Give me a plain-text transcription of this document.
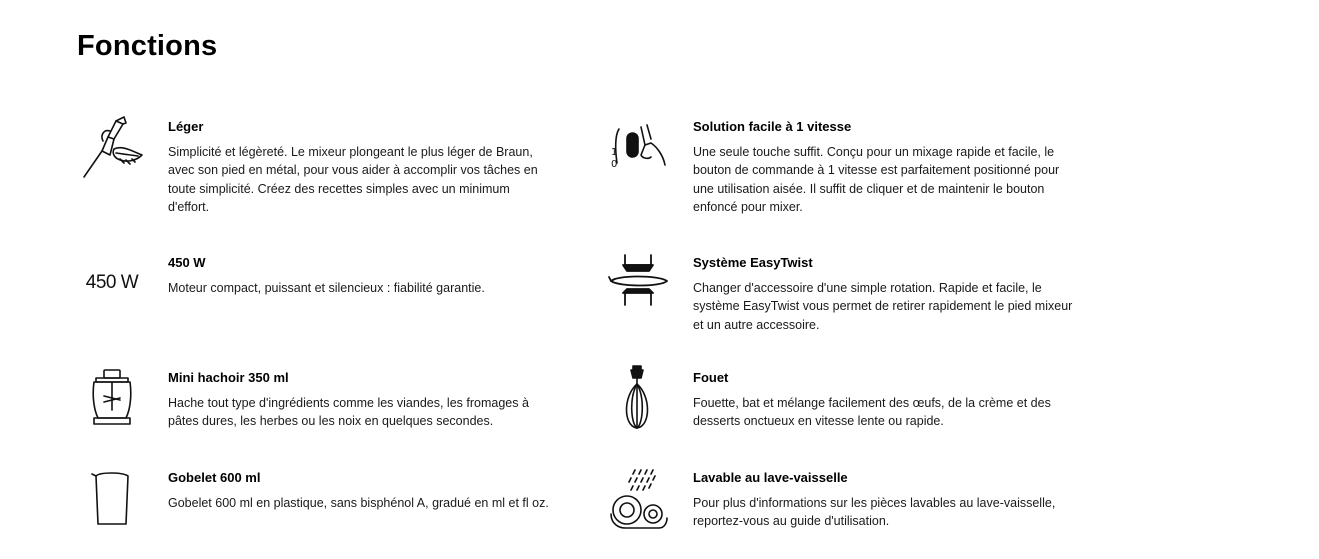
Fonctions
Léger

Simplicité et légèreté. Le mixeur plongeant le plus léger de Braun, avec son pied en métal, pour vous aider à accomplir vos tâches en toute simplicité. Créez des recettes simples avec un minimum d'effort.

1
0
Solution facile à 1 vitesse

Une seule touche suffit. Conçu pour un mixage rapide et facile, le bouton de commande à 1 vitesse est parfaitement positionné pour une utilisation aisée. Il suffit de cliquer et de maintenir le bouton enfoncé pour mixer.

450 W
450 W

Moteur compact, puissant et silencieux : fiabilité garantie.

Système EasyTwist

Changer d'accessoire d'une simple rotation. Rapide et facile, le système EasyTwist vous permet de retirer rapidement le pied mixeur et un autre accessoire.

Mini hachoir 350 ml

Hache tout type d'ingrédients comme les viandes, les fromages à pâtes dures, les herbes ou les noix en quelques secondes.

Fouet

Fouette, bat et mélange facilement des œufs, de la crème et des desserts onctueux en vitesse lente ou rapide.

Gobelet 600 ml

Gobelet 600 ml en plastique, sans bisphénol A, gradué en ml et fl oz.

Lavable au lave-vaisselle

Pour plus d'informations sur les pièces lavables au lave-vaisselle, reportez-vous au guide d'utilisation.
